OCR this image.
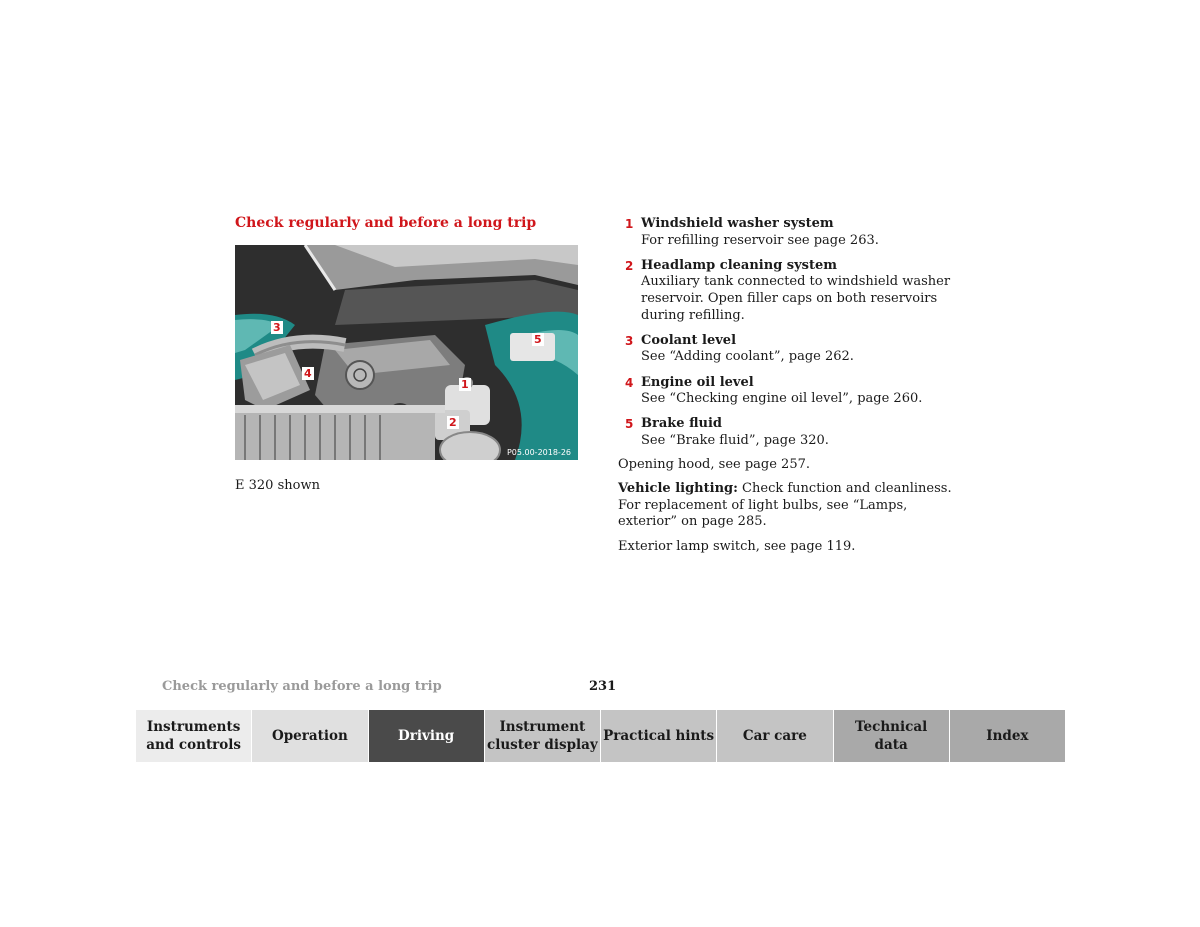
Check regularly and before a long trip
1
2
3
4
5
P05.00-2018-26

E 320 shown

1 Windshield washer system
For refilling reservoir see page 263.
2 Headlamp cleaning system
Auxiliary tank connected to windshield washer reservoir. Open filler caps on both reservoirs during refilling.
3 Coolant level
See “Adding coolant”, page 262.
4 Engine oil level
See “Checking engine oil level”, page 260.
5 Brake fluid
See “Brake fluid”, page 320.

Opening hood, see page 257.

Vehicle lighting: Check function and cleanliness. For replacement of light bulbs, see “Lamps, exterior” on page 285.

Exterior lamp switch, see page 119.

Check regularly and before a long trip	231

Instruments
and controls
Operation	Driving
Instrument
cluster display
Practical hints	Car care
Technical
data
Index
